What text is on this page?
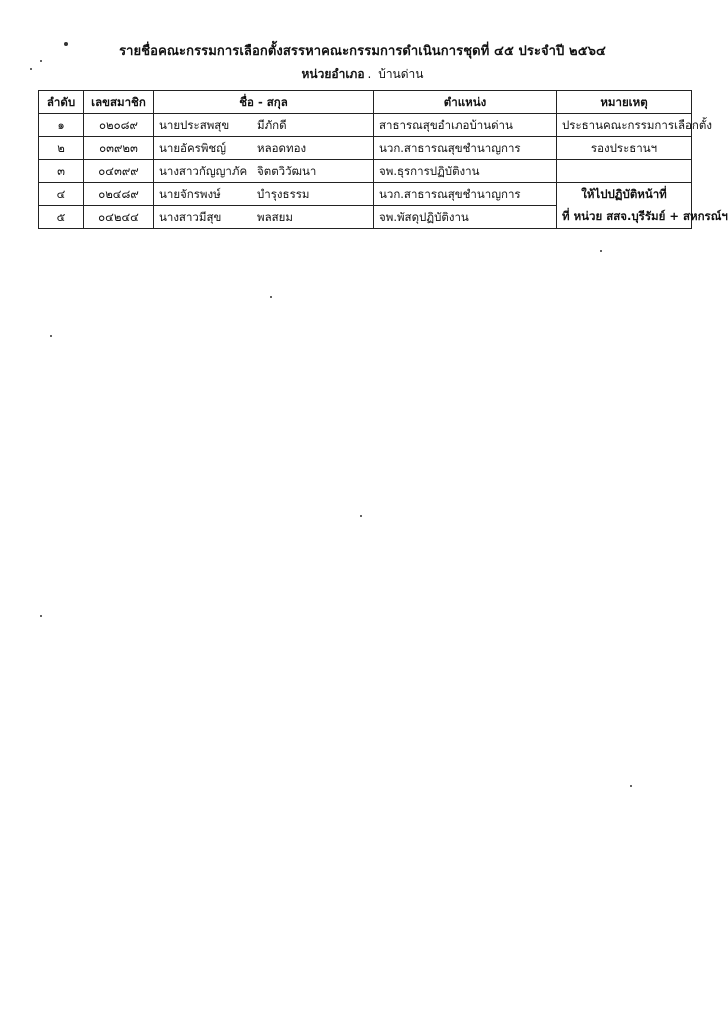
รายชื่อคณะกรรมการเลือกตั้งสรรหาคณะกรรมการดำเนินการชุดที่ ๔๕ ประจำปี ๒๕๖๔
หน่วยอำเภอ . บ้านด่าน
ลำดับ	เลขสมาชิก	ชื่อ - สกุล	ตำแหน่ง	หมายเหตุ
๑	๐๒๐๘๙	นายประสพสุข มีภักดี	สาธารณสุขอำเภอบ้านด่าน	ประธานคณะกรรมการเลือกตั้ง
๒	๐๓๙๒๓	นายอัครพิชญ์ หลอดทอง	นวก.สาธารณสุขชำนาญการ	รองประธานฯ
๓	๐๔๓๙๙	นางสาวกัญญาภัค จิตตวิวัฒนา	จพ.ธุรการปฏิบัติงาน	
๔	๐๒๔๘๙	นายจักรพงษ์ บำรุงธรรม	นวก.สาธารณสุขชำนาญการ	ให้ไปปฏิบัติหน้าที่
๕	๐๔๒๔๔	นางสาวมีสุข พลสยม	จพ.พัสดุปฏิบัติงาน	ที่ หน่วย สสจ.บุรีรัมย์ + สหกรณ์ฯ
